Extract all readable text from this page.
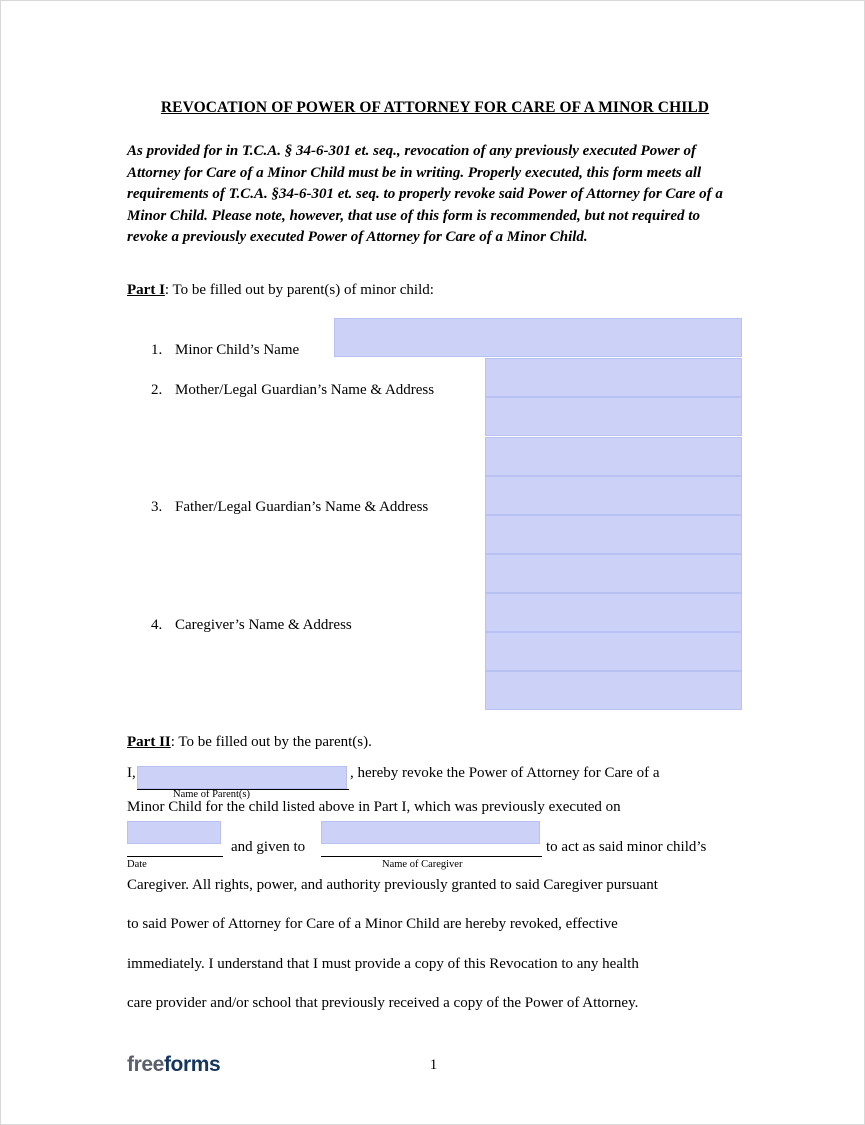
REVOCATION OF POWER OF ATTORNEY FOR CARE OF A MINOR CHILD
As provided for in T.C.A. § 34-6-301 et. seq., revocation of any previously executed Power of Attorney for Care of a Minor Child must be in writing. Properly executed, this form meets all requirements of T.C.A. §34-6-301 et. seq. to properly revoke said Power of Attorney for Care of a Minor Child. Please note, however, that use of this form is recommended, but not required to revoke a previously executed Power of Attorney for Care of a Minor Child.
Part I: To be filled out by parent(s) of minor child:
1. Minor Child’s Name
2. Mother/Legal Guardian’s Name & Address
3. Father/Legal Guardian’s Name & Address
4. Caregiver’s Name & Address
Part II: To be filled out by the parent(s).
I,
Name of Parent(s)
, hereby revoke the Power of Attorney for Care of a
Minor Child for the child listed above in Part I, which was previously executed on
Date
and given to
Name of Caregiver
to act as said minor child’s
Caregiver. All rights, power, and authority previously granted to said Caregiver pursuant
to said Power of Attorney for Care of a Minor Child are hereby revoked, effective
immediately. I understand that I must provide a copy of this Revocation to any health
care provider and/or school that previously received a copy of the Power of Attorney.
freeforms	1
